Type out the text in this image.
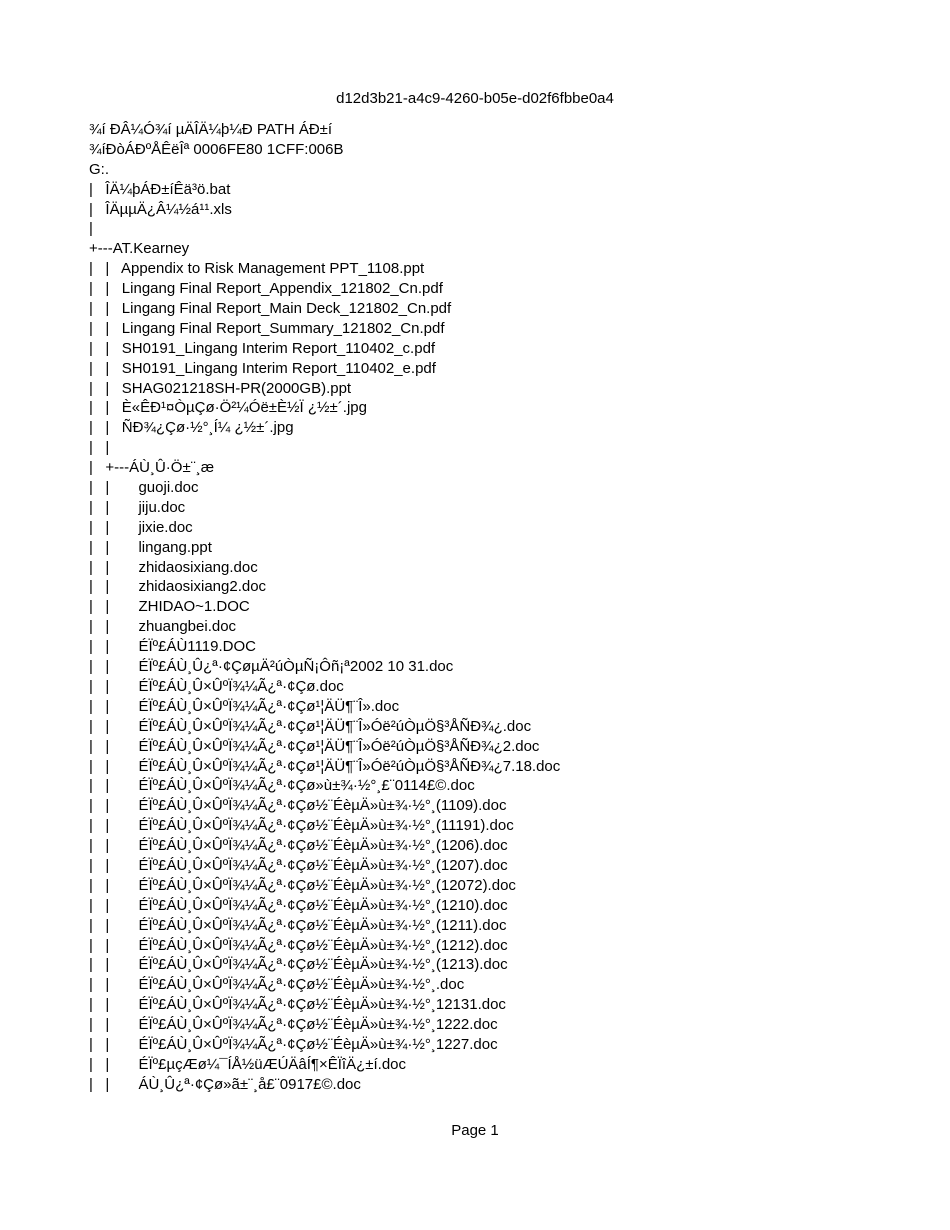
d12d3b21-a4c9-4260-b05e-d02f6fbbe0a4
¾í ĐÂ¼Ó¾í µÄÎÄ¼þ¼Đ PATH ÁĐ±í
¾íĐòÁĐºÅÊëÎª 0006FE80 1CFF:006B
G:.
|   ÎÄ¼þÁĐ±íÊä³ö.bat
|   ÎÄµµÄ¿Â¼½á¹¹.xls
|
+---AT.Kearney
|   |   Appendix to Risk Management PPT_1108.ppt
|   |   Lingang Final Report_Appendix_121802_Cn.pdf
|   |   Lingang Final Report_Main Deck_121802_Cn.pdf
|   |   Lingang Final Report_Summary_121802_Cn.pdf
|   |   SH0191_Lingang Interim Report_110402_c.pdf
|   |   SH0191_Lingang Interim Report_110402_e.pdf
|   |   SHAG021218SH-PR(2000GB).ppt
|   |   È«ÊĐ¹¤ÒµÇø·Ö²¼Óë±È½Ï ¿½±´.jpg
|   |   ÑĐ¾¿Çø·½°¸Í¼ ¿½±´.jpg
|   |
|   +---ÁÙ¸Û·Ö±¨¸æ
|   |       guoji.doc
|   |       jiju.doc
|   |       jixie.doc
|   |       lingang.ppt
|   |       zhidaosixiang.doc
|   |       zhidaosixiang2.doc
|   |       ZHIDAO~1.DOC
|   |       zhuangbei.doc
|   |       ÉÏº£ÁÙ1119.DOC
|   |       ÉÏº£ÁÙ¸Û¿ª·¢ÇøµÄ²úÒµÑ¡Ôñ¡ª2002 10 31.doc
|   |       ÉÏº£ÁÙ¸Û×ÛºÏ¾¼Ã¿ª·¢Çø.doc
|   |       ÉÏº£ÁÙ¸Û×ÛºÏ¾¼Ã¿ª·¢Çø¹¦ÄÜ¶¨Î».doc
|   |       ÉÏº£ÁÙ¸Û×ÛºÏ¾¼Ã¿ª·¢Çø¹¦ÄÜ¶¨Î»Óë²úÒµÖ§³ÅÑĐ¾¿.doc
|   |       ÉÏº£ÁÙ¸Û×ÛºÏ¾¼Ã¿ª·¢Çø¹¦ÄÜ¶¨Î»Óë²úÒµÖ§³ÅÑĐ¾¿2.doc
|   |       ÉÏº£ÁÙ¸Û×ÛºÏ¾¼Ã¿ª·¢Çø¹¦ÄÜ¶¨Î»Óë²úÒµÖ§³ÅÑĐ¾¿7.18.doc
|   |       ÉÏº£ÁÙ¸Û×ÛºÏ¾¼Ã¿ª·¢Çø»ù±¾·½°¸£¨0114£©.doc
|   |       ÉÏº£ÁÙ¸Û×ÛºÏ¾¼Ã¿ª·¢Çø½¨ÉèµÄ»ù±¾·½°¸(1109).doc
|   |       ÉÏº£ÁÙ¸Û×ÛºÏ¾¼Ã¿ª·¢Çø½¨ÉèµÄ»ù±¾·½°¸(11191).doc
|   |       ÉÏº£ÁÙ¸Û×ÛºÏ¾¼Ã¿ª·¢Çø½¨ÉèµÄ»ù±¾·½°¸(1206).doc
|   |       ÉÏº£ÁÙ¸Û×ÛºÏ¾¼Ã¿ª·¢Çø½¨ÉèµÄ»ù±¾·½°¸(1207).doc
|   |       ÉÏº£ÁÙ¸Û×ÛºÏ¾¼Ã¿ª·¢Çø½¨ÉèµÄ»ù±¾·½°¸(12072).doc
|   |       ÉÏº£ÁÙ¸Û×ÛºÏ¾¼Ã¿ª·¢Çø½¨ÉèµÄ»ù±¾·½°¸(1210).doc
|   |       ÉÏº£ÁÙ¸Û×ÛºÏ¾¼Ã¿ª·¢Çø½¨ÉèµÄ»ù±¾·½°¸(1211).doc
|   |       ÉÏº£ÁÙ¸Û×ÛºÏ¾¼Ã¿ª·¢Çø½¨ÉèµÄ»ù±¾·½°¸(1212).doc
|   |       ÉÏº£ÁÙ¸Û×ÛºÏ¾¼Ã¿ª·¢Çø½¨ÉèµÄ»ù±¾·½°¸(1213).doc
|   |       ÉÏº£ÁÙ¸Û×ÛºÏ¾¼Ã¿ª·¢Çø½¨ÉèµÄ»ù±¾·½°¸.doc
|   |       ÉÏº£ÁÙ¸Û×ÛºÏ¾¼Ã¿ª·¢Çø½¨ÉèµÄ»ù±¾·½°¸12131.doc
|   |       ÉÏº£ÁÙ¸Û×ÛºÏ¾¼Ã¿ª·¢Çø½¨ÉèµÄ»ù±¾·½°¸1222.doc
|   |       ÉÏº£ÁÙ¸Û×ÛºÏ¾¼Ã¿ª·¢Çø½¨ÉèµÄ»ù±¾·½°¸1227.doc
|   |       ÉÏº£µçÆø¼¯ÍÅ½üÆÚÄâÍ¶×ÊÏîÄ¿±í.doc
|   |       ÁÙ¸Û¿ª·¢Çø»ã±¨¸å£¨0917£©.doc
Page 1
